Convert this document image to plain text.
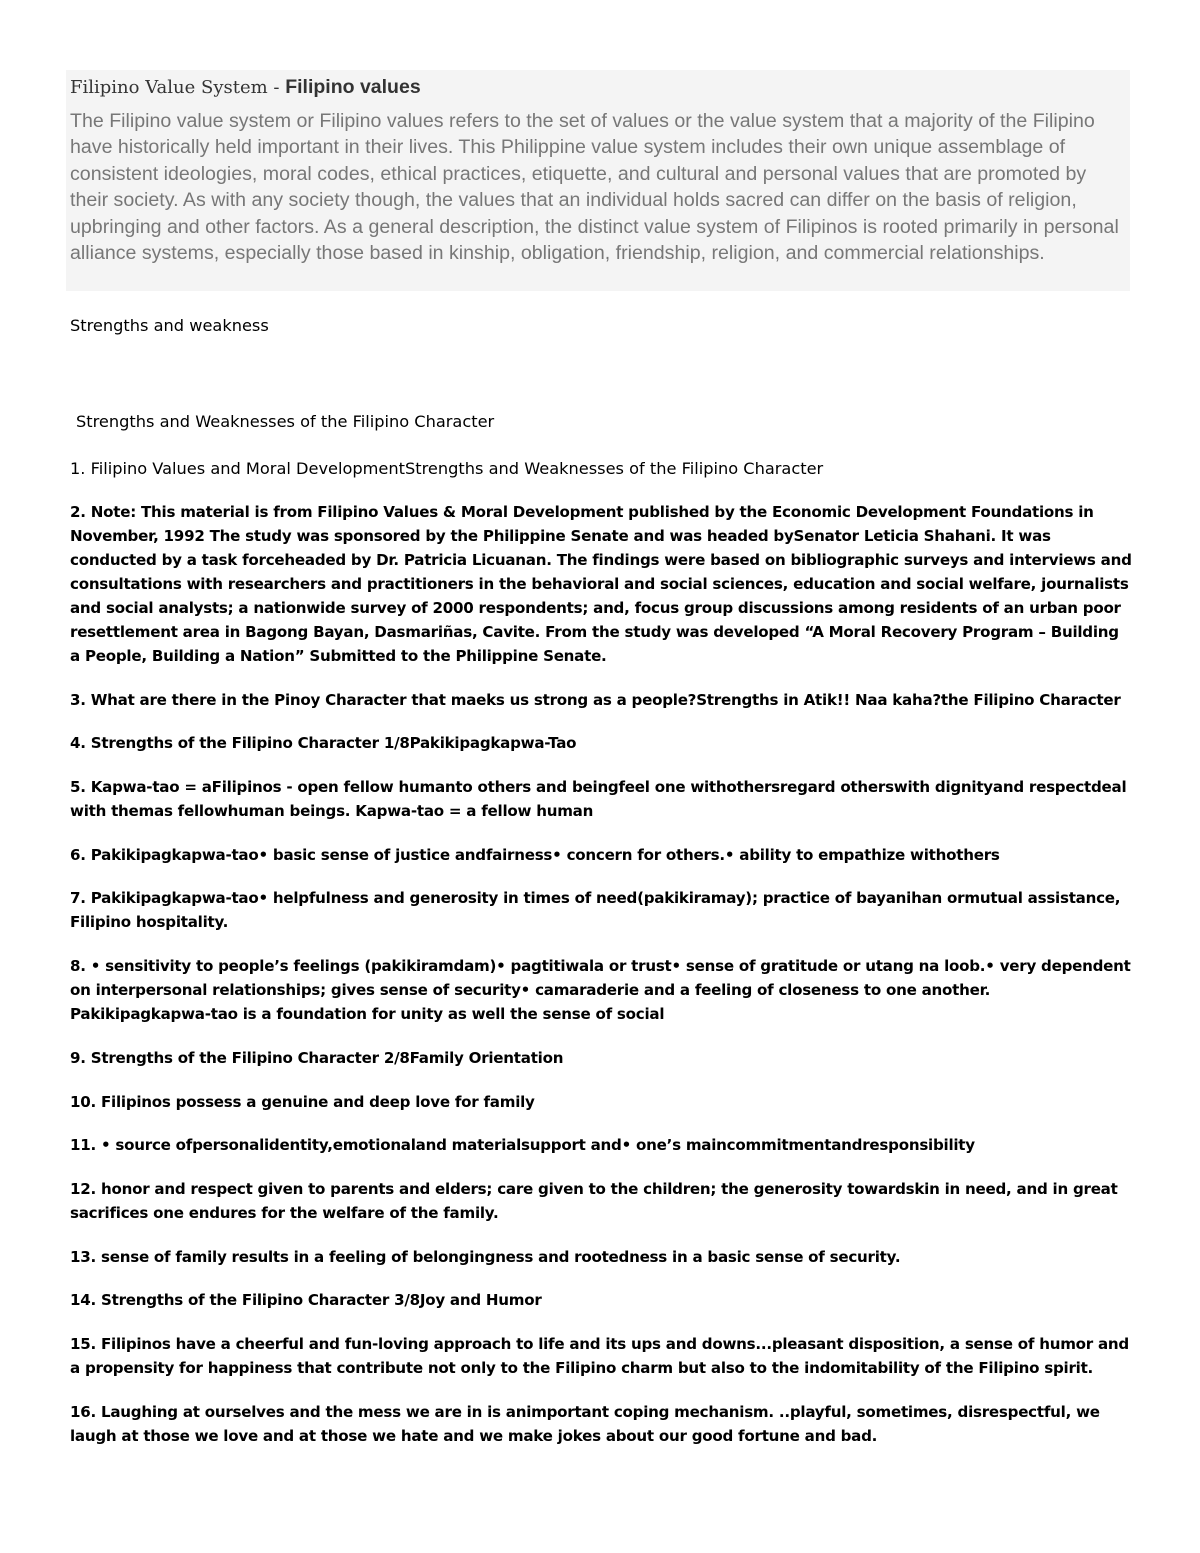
Filipino Value System - Filipino values
The Filipino value system or Filipino values refers to the set of values or the value system that a majority of the Filipino have historically held important in their lives. This Philippine value system includes their own unique assemblage of consistent ideologies, moral codes, ethical practices, etiquette, and cultural and personal values that are promoted by their society. As with any society though, the values that an individual holds sacred can differ on the basis of religion, upbringing and other factors. As a general description, the distinct value system of Filipinos is rooted primarily in personal alliance systems, especially those based in kinship, obligation, friendship, religion, and commercial relationships.
Strengths and weakness
Strengths and Weaknesses of the Filipino Character
1. Filipino Values and Moral DevelopmentStrengths and Weaknesses of the Filipino Character

2. Note: This material is from Filipino Values & Moral Development published by the Economic Development Foundations in November, 1992 The study was sponsored by the Philippine Senate and was headed bySenator Leticia Shahani. It was conducted by a task forceheaded by Dr. Patricia Licuanan. The findings were based on bibliographic surveys and interviews and consultations with researchers and practitioners in the behavioral and social sciences, education and social welfare, journalists and social analysts; a nationwide survey of 2000 respondents; and, focus group discussions among residents of an urban poor resettlement area in Bagong Bayan, Dasmariñas, Cavite. From the study was developed “A Moral Recovery Program – Building a People, Building a Nation” Submitted to the Philippine Senate.

3. What are there in the Pinoy Character that maeks us strong as a people?Strengths in Atik!! Naa kaha?the Filipino Character

4. Strengths of the Filipino Character 1/8Pakikipagkapwa-Tao

5. Kapwa-tao = aFilipinos - open fellow humanto others and beingfeel one withothersregard otherswith dignityand respectdeal with themas fellowhuman beings. Kapwa-tao = a fellow human

6. Pakikipagkapwa-tao• basic sense of justice andfairness• concern for others.• ability to empathize withothers

7. Pakikipagkapwa-tao• helpfulness and generosity in times of need(pakikiramay); practice of bayanihan ormutual assistance, Filipino hospitality.

8. • sensitivity to people’s feelings (pakikiramdam)• pagtitiwala or trust• sense of gratitude or utang na loob.• very dependent on interpersonal relationships; gives sense of security• camaraderie and a feeling of closeness to one another. Pakikipagkapwa-tao is a foundation for unity as well the sense of social

9. Strengths of the Filipino Character 2/8Family Orientation

10. Filipinos possess a genuine and deep love for family

11. • source ofpersonalidentity,emotionaland materialsupport and• one’s maincommitmentandresponsibility

12. honor and respect given to parents and elders; care given to the children; the generosity towardskin in need, and in great sacrifices one endures for the welfare of the family.

13. sense of family results in a feeling of belongingness and rootedness in a basic sense of security.

14. Strengths of the Filipino Character 3/8Joy and Humor

15. Filipinos have a cheerful and fun-loving approach to life and its ups and downs...pleasant disposition, a sense of humor and a propensity for happiness that contribute not only to the Filipino charm but also to the indomitability of the Filipino spirit.

16. Laughing at ourselves and the mess we are in is animportant coping mechanism. ..playful, sometimes, disrespectful, we laugh at those we love and at those we hate and we make jokes about our good fortune and bad.
